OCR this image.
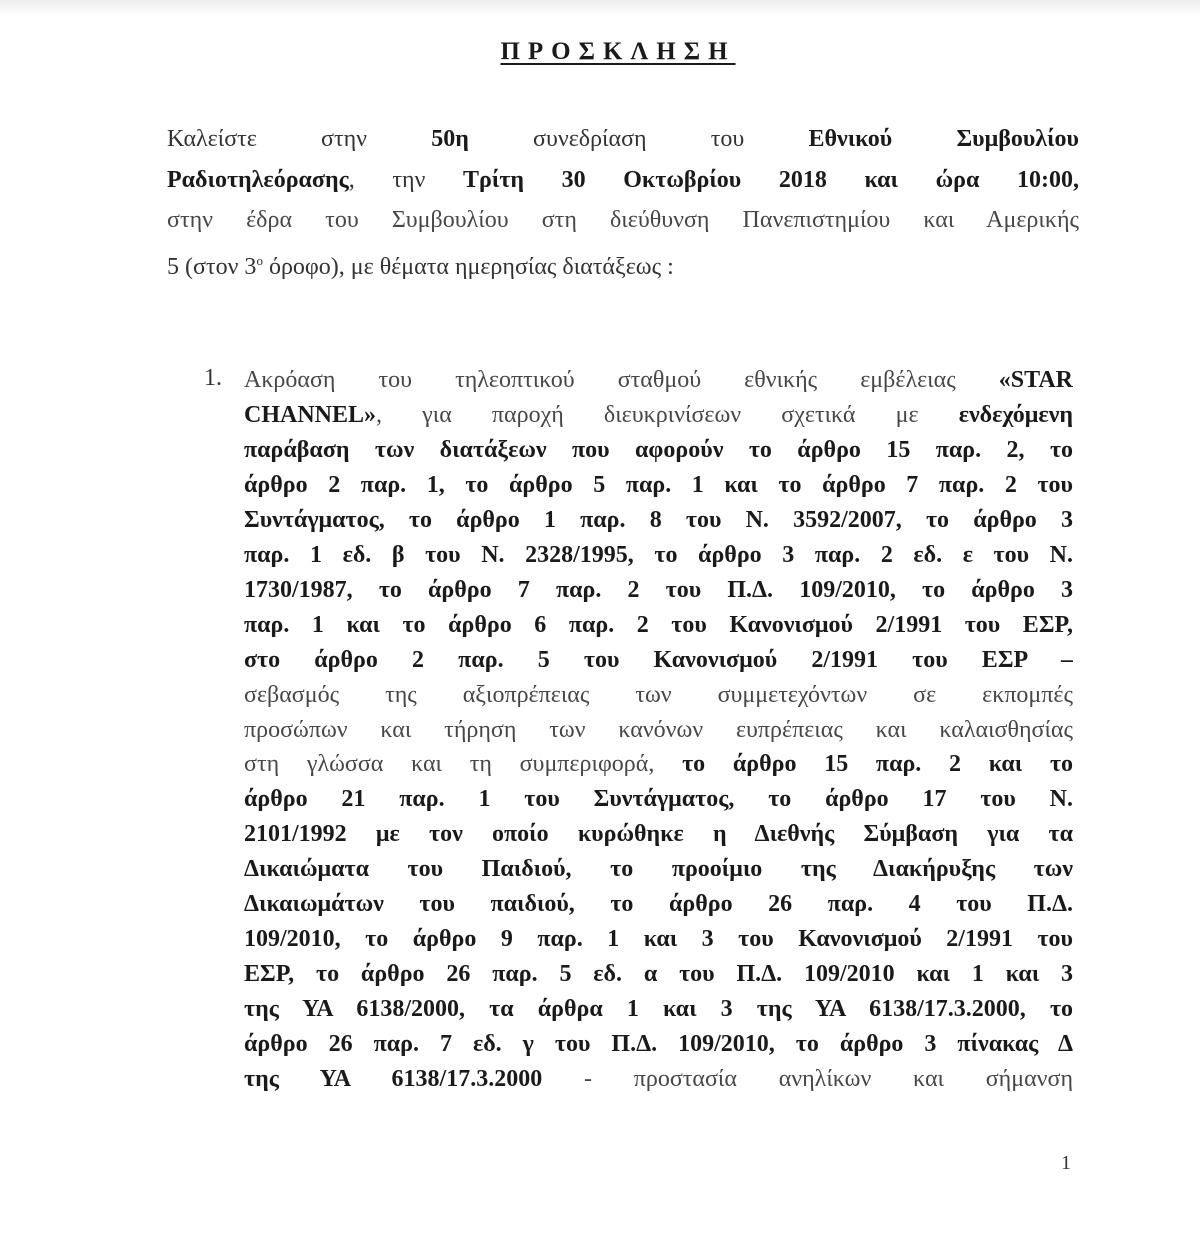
ΠΡΟΣΚΛΗΣΗ
Καλείστε στην 50η συνεδρίαση του Εθνικού Συμβουλίου
Ραδιοτηλεόρασης, την Τρίτη 30 Οκτωβρίου 2018 και ώρα 10:00,
στην έδρα του Συμβουλίου στη διεύθυνση Πανεπιστημίου και Αμερικής
5 (στον $3^o$ όροφο), με θέματα ημερησίας διατάξεως :
1. Ακρόαση του τηλεοπτικού σταθμού εθνικής εμβέλειας «STAR
CHANNEL», για παροχή διευκρινίσεων σχετικά με ενδεχόμενη
παράβαση των διατάξεων που αφορούν το άρθρο 15 παρ. 2, το
άρθρο 2 παρ. 1, το άρθρο 5 παρ. 1 και το άρθρο 7 παρ. 2 του
Συντάγματος, το άρθρο 1 παρ. 8 του Ν. 3592/2007, το άρθρο 3
παρ. 1 εδ. β του Ν. 2328/1995, το άρθρο 3 παρ. 2 εδ. ε του Ν.
1730/1987, το άρθρο 7 παρ. 2 του Π.Δ. 109/2010, το άρθρο 3
παρ. 1 και το άρθρο 6 παρ. 2 του Κανονισμού 2/1991 του ΕΣΡ,
στο άρθρο 2 παρ. 5 του Κανονισμού 2/1991 του ΕΣΡ –
σεβασμός της αξιοπρέπειας των συμμετεχόντων σε εκπομπές
προσώπων και τήρηση των κανόνων ευπρέπειας και καλαισθησίας
στη γλώσσα και τη συμπεριφορά, το άρθρο 15 παρ. 2 και το
άρθρο 21 παρ. 1 του Συντάγματος, το άρθρο 17 του Ν.
2101/1992 με τον οποίο κυρώθηκε η Διεθνής Σύμβαση για τα
Δικαιώματα του Παιδιού, το προοίμιο της Διακήρυξης των
Δικαιωμάτων του παιδιού, το άρθρο 26 παρ. 4 του Π.Δ.
109/2010, το άρθρο 9 παρ. 1 και 3 του Κανονισμού 2/1991 του
ΕΣΡ, το άρθρο 26 παρ. 5 εδ. α του Π.Δ. 109/2010 και 1 και 3
της ΥΑ 6138/2000, τα άρθρα 1 και 3 της ΥΑ 6138/17.3.2000, το
άρθρο 26 παρ. 7 εδ. γ του Π.Δ. 109/2010, το άρθρο 3 πίνακας Δ
της ΥΑ 6138/17.3.2000 - προστασία ανηλίκων και σήμανση
1
